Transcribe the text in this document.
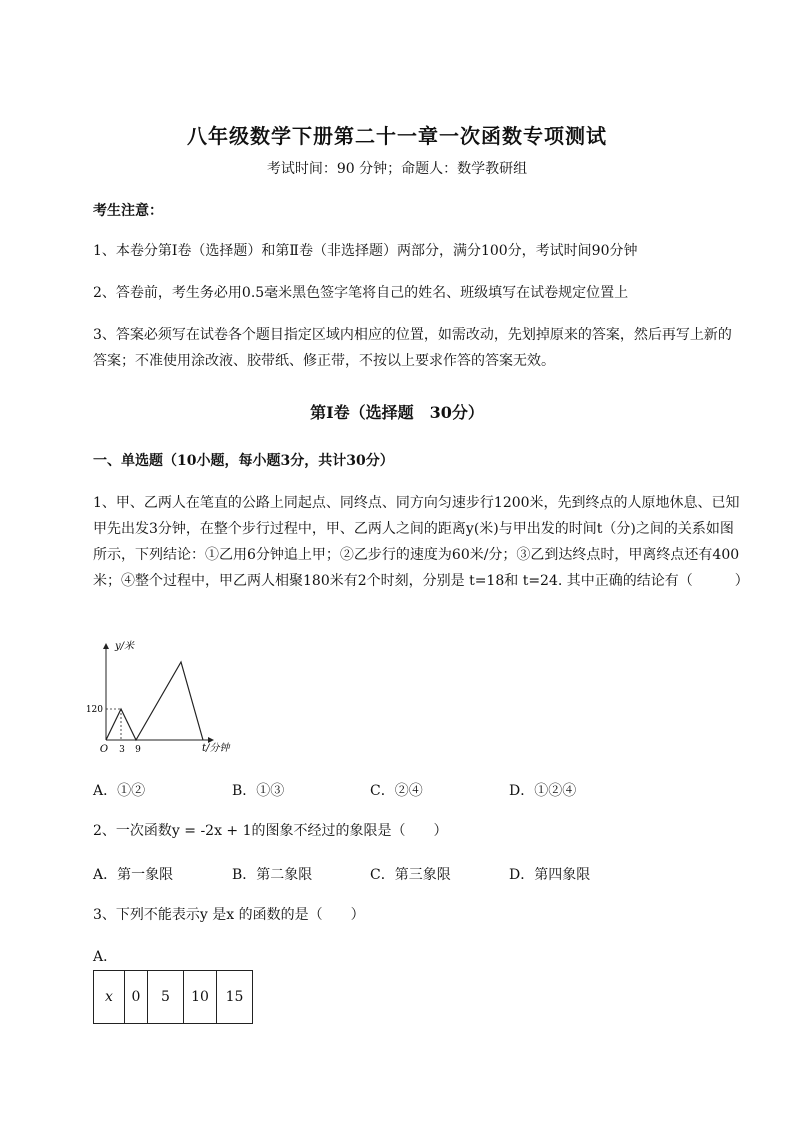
八年级数学下册第二十一章一次函数专项测试
考试时间：90 分钟；命题人：数学教研组
考生注意：
1、本卷分第Ⅰ卷（选择题）和第Ⅱ卷（非选择题）两部分，满分100分，考试时间90分钟
2、答卷前，考生务必用0.5毫米黑色签字笔将自己的姓名、班级填写在试卷规定位置上
3、答案必须写在试卷各个题目指定区域内相应的位置，如需改动，先划掉原来的答案，然后再写上新的答案；不准使用涂改液、胶带纸、修正带，不按以上要求作答的答案无效。
第Ⅰ卷（选择题　30分）
一、单选题（10小题，每小题3分，共计30分）
1、甲、乙两人在笔直的公路上同起点、同终点、同方向匀速步行1200米，先到终点的人原地休息、已知甲先出发3分钟，在整个步行过程中，甲、乙两人之间的距离y(米)与甲出发的时间t（分)之间的关系如图所示，下列结论：①乙用6分钟追上甲；②乙步行的速度为60米/分；③乙到达终点时，甲离终点还有400米；④整个过程中，甲乙两人相聚180米有2个时刻，分别是 t=18和 t=24. 其中正确的结论有（　　　）
y/米
t/分钟
O
120
3 9
A．①②	B．①③	C．②④	D．①②④
2、一次函数y = -2x + 1的图象不经过的象限是（　　）
A．第一象限	B．第二象限	C．第三象限	D．第四象限
3、下列不能表示y 是x 的函数的是（　　）
A．
x	0	5	10	15
